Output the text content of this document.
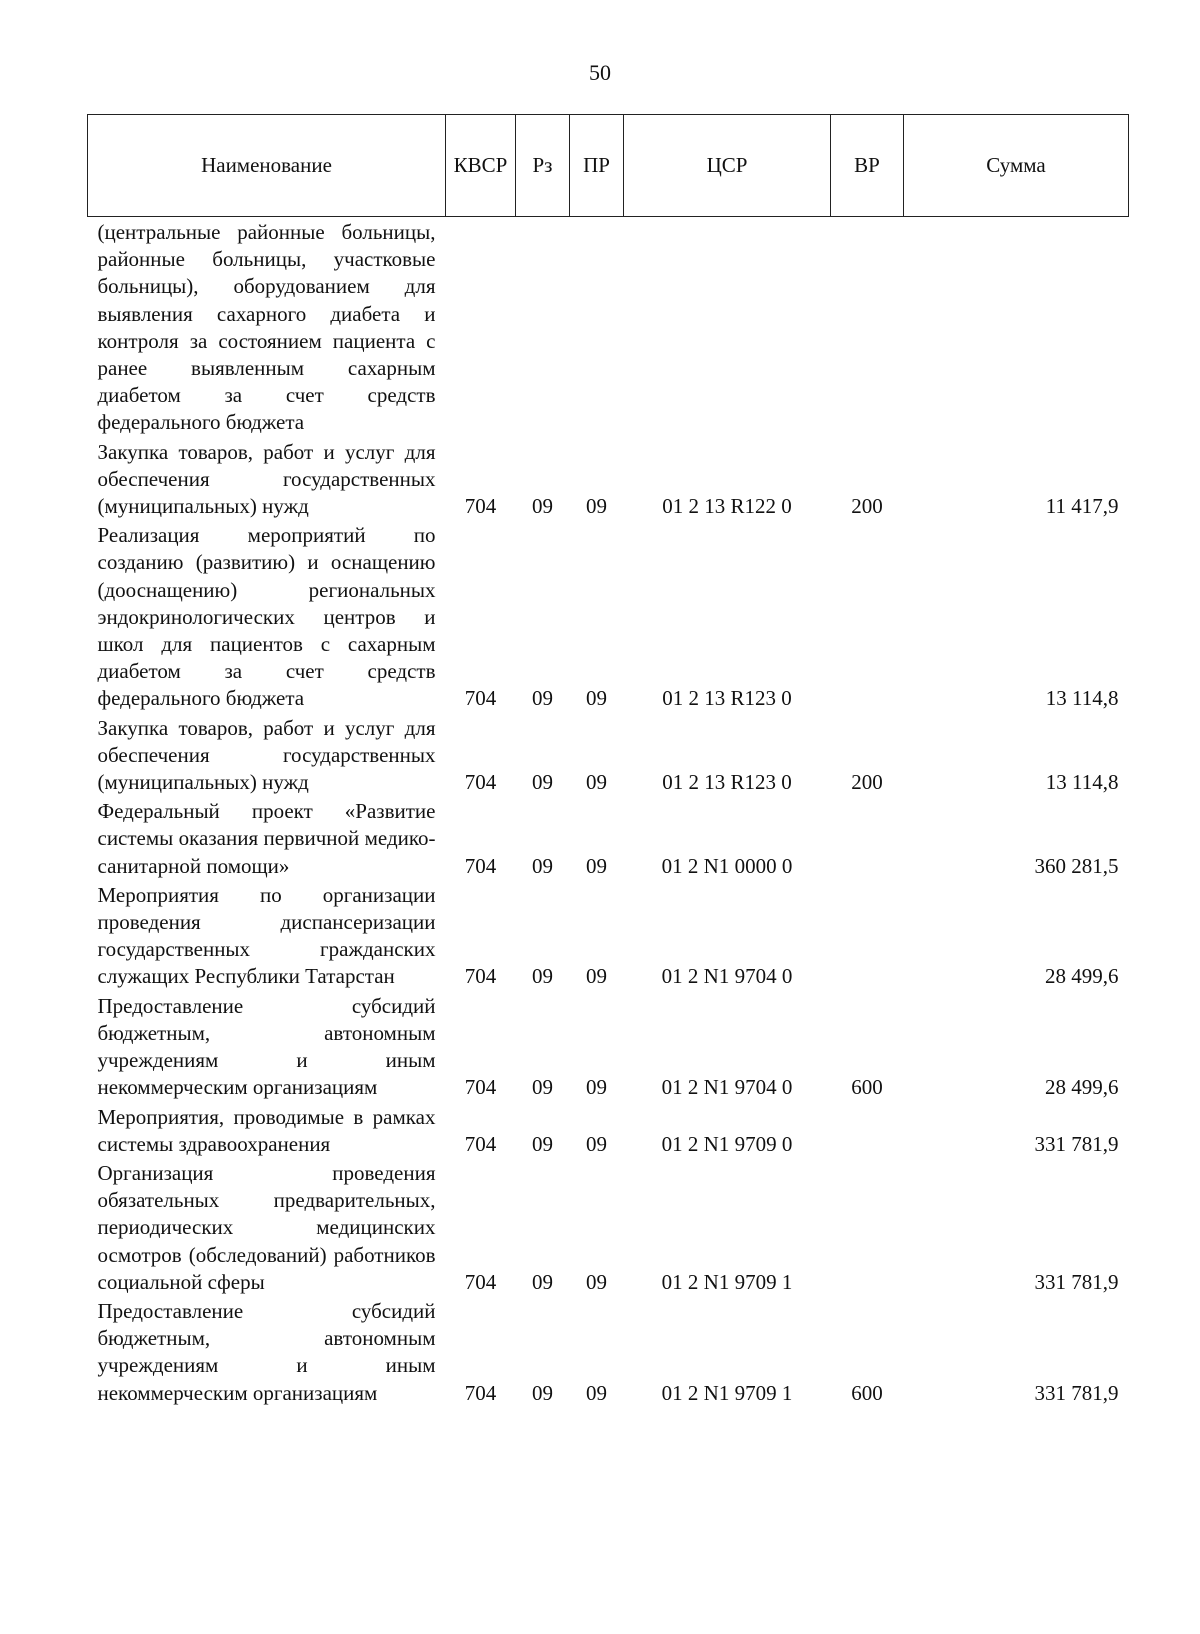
50
Наименование	КВСР	Рз	ПР	ЦСР	ВР	Сумма
(центральные районные больницы, районные больницы, участковые больницы), оборудованием для выявления сахарного диабета и контроля за состоянием пациента с ранее выявленным сахарным диабетом за счет средств федерального бюджета						
Закупка товаров, работ и услуг для обеспечения государственных (муниципальных) нужд	704	09	09	01 2 13 R122 0	200	11 417,9
Реализация мероприятий по созданию (развитию) и оснащению (дооснащению) региональных эндокринологических центров и школ для пациентов с сахарным диабетом за счет средств федерального бюджета	704	09	09	01 2 13 R123 0		13 114,8
Закупка товаров, работ и услуг для обеспечения государственных (муниципальных) нужд	704	09	09	01 2 13 R123 0	200	13 114,8
Федеральный проект «Развитие системы оказания первичной медико-санитарной помощи»	704	09	09	01 2 N1 0000 0		360 281,5
Мероприятия по организации проведения диспансеризации государственных гражданских служащих Республики Татарстан	704	09	09	01 2 N1 9704 0		28 499,6
Предоставление субсидий бюджетным, автономным учреждениям и иным некоммерческим организациям	704	09	09	01 2 N1 9704 0	600	28 499,6
Мероприятия, проводимые в рамках системы здравоохранения	704	09	09	01 2 N1 9709 0		331 781,9
Организация проведения обязательных предварительных, периодических медицинских осмотров (обследований) работников социальной сферы	704	09	09	01 2 N1 9709 1		331 781,9
Предоставление субсидий бюджетным, автономным учреждениям и иным некоммерческим организациям	704	09	09	01 2 N1 9709 1	600	331 781,9
